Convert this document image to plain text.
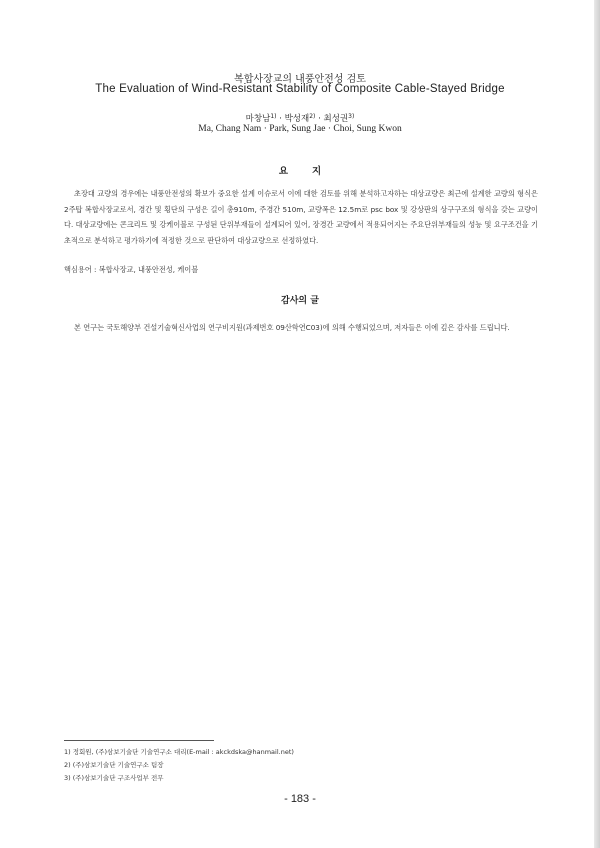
복합사장교의 내풍안전성 검토
The Evaluation of Wind-Resistant Stability of Composite Cable-Stayed Bridge
마창남$^{1)}$ · 박성재$^{2)}$ · 최성권$^{3)}$
Ma, Chang Nam · Park, Sung Jae · Choi, Sung Kwon
요지

초장대 교량의 경우에는 내풍안전성의 확보가 중요한 설계 이슈로서 이에 대한 검토를 위해 분석하고자하는 대상교량은 최근에 설계한 교량의 형식은 2주탑 복합사장교로서, 경간 및 횡단의 구성은 길이 총910m, 주경간 510m, 교량폭은 12.5m로 psc box 및 강상판의 상구구조의 형식을 갖는 교량이다. 대상교량에는 콘크리트 및 강케이블로 구성된 단위부재들이 설계되어 있어, 장경간 교량에서 적용되어지는 주요단위부재들의 성능 및 요구조건을 기초적으로 분석하고 평가하기에 적정한 것으로 판단하여 대상교량으로 선정하였다.

핵심용어 : 복합사장교, 내풍안전성, 케이블
감사의 글

본 연구는 국토해양부 건설기술혁신사업의 연구비지원(과제번호 09산학연C03)에 의해 수행되었으며, 저자들은 이에 깊은 감사를 드립니다.

1) 정회원, (주)삼보기술단 기술연구소 대리(E-mail : akckdska@hanmail.net)
2) (주)삼보기술단 기술연구소 팀장
3) (주)삼보기술단 구조사업부 전무
- 183 -
